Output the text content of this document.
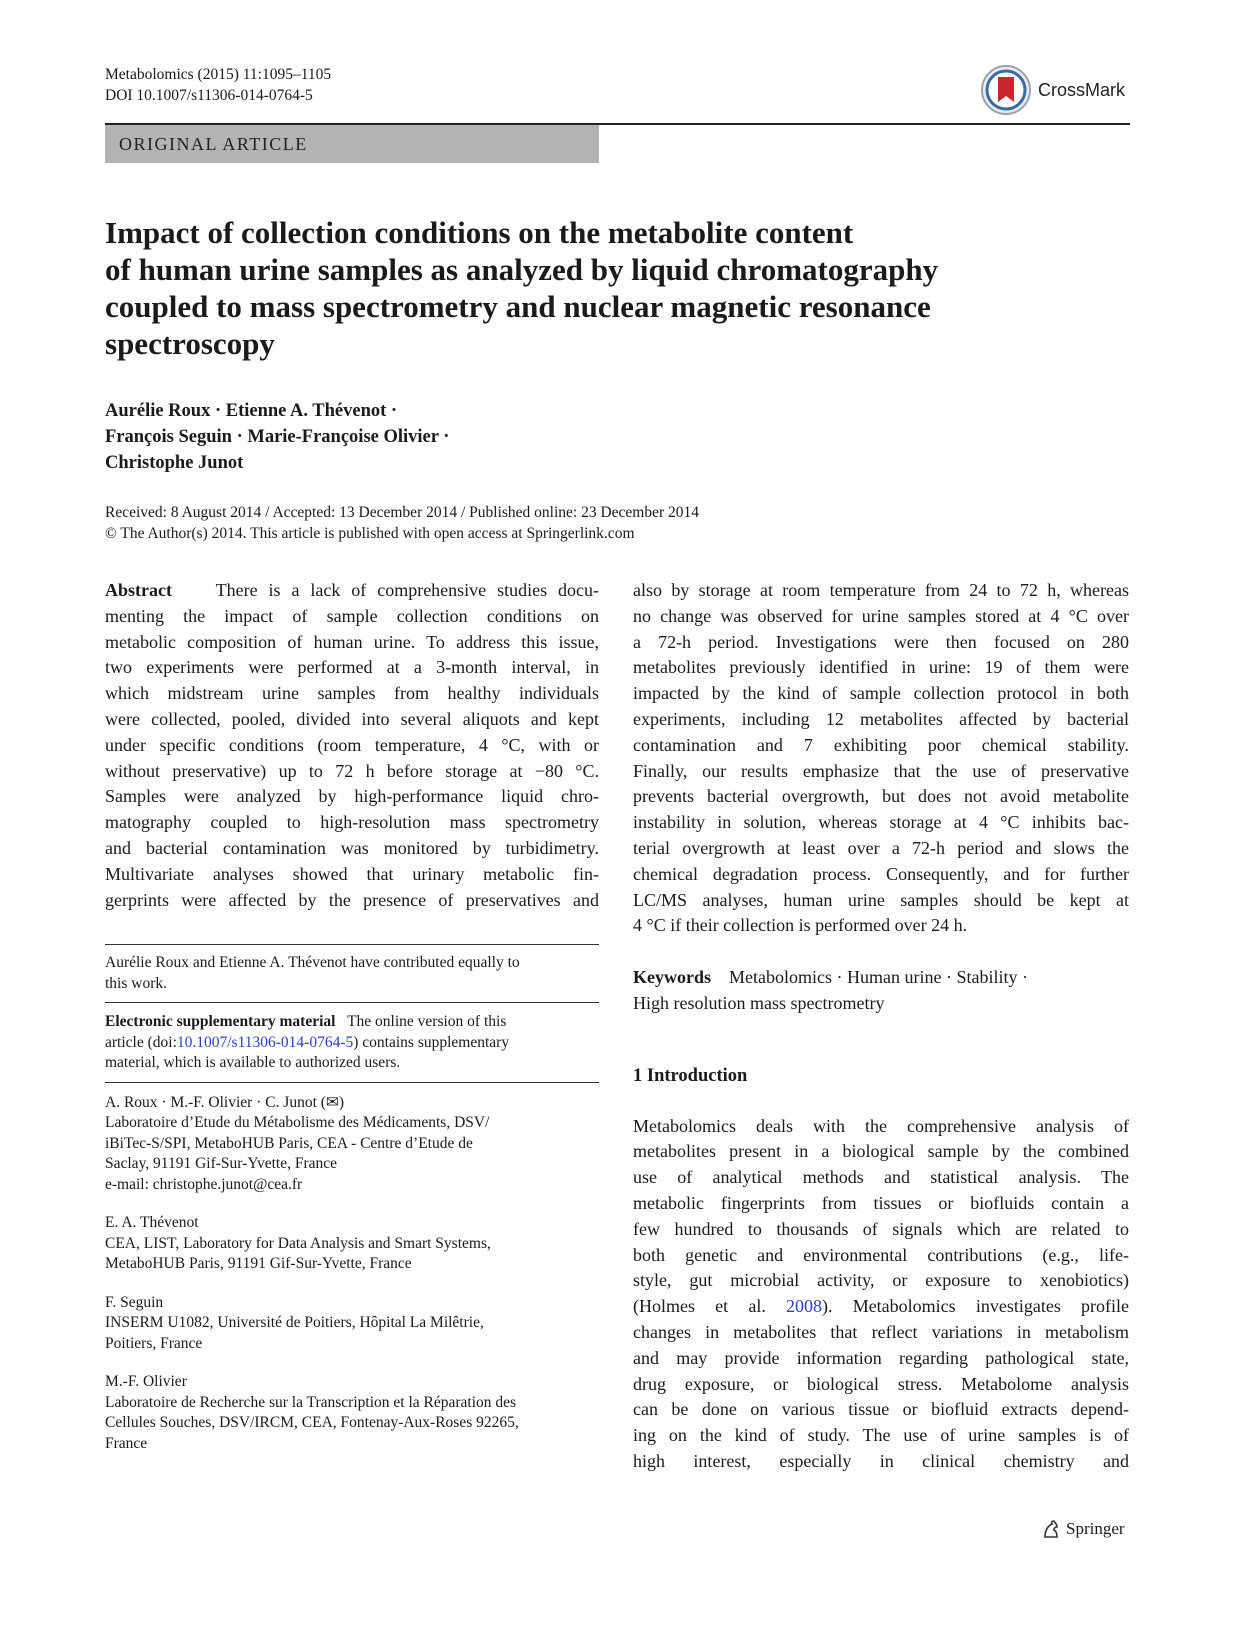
Metabolomics (2015) 11:1095–1105
DOI 10.1007/s11306-014-0764-5	CrossMark
ORIGINAL ARTICLE
Impact of collection conditions on the metabolite content
of human urine samples as analyzed by liquid chromatography
coupled to mass spectrometry and nuclear magnetic resonance
spectroscopy
Aurélie Roux · Etienne A. Thévenot ·
François Seguin · Marie-Françoise Olivier ·
Christophe Junot
Received: 8 August 2014 / Accepted: 13 December 2014 / Published online: 23 December 2014
© The Author(s) 2014. This article is published with open access at Springerlink.com
Abstract There is a lack of comprehensive studies docu-
menting the impact of sample collection conditions on
metabolic composition of human urine. To address this issue,
two experiments were performed at a 3-month interval, in
which midstream urine samples from healthy individuals
were collected, pooled, divided into several aliquots and kept
under specific conditions (room temperature, 4 °C, with or
without preservative) up to 72 h before storage at −80 °C.
Samples were analyzed by high-performance liquid chro-
matography coupled to high-resolution mass spectrometry
and bacterial contamination was monitored by turbidimetry.
Multivariate analyses showed that urinary metabolic fin-
gerprints were affected by the presence of preservatives and
Aurélie Roux and Etienne A. Thévenot have contributed equally to
this work.
Electronic supplementary material The online version of this
article (doi:10.1007/s11306-014-0764-5) contains supplementary
material, which is available to authorized users.
A. Roux · M.-F. Olivier · C. Junot (✉)
Laboratoire d’Etude du Métabolisme des Médicaments, DSV/
iBiTec-S/SPI, MetaboHUB Paris, CEA - Centre d’Etude de
Saclay, 91191 Gif-Sur-Yvette, France
e-mail: christophe.junot@cea.fr
E. A. Thévenot
CEA, LIST, Laboratory for Data Analysis and Smart Systems,
MetaboHUB Paris, 91191 Gif-Sur-Yvette, France
F. Seguin
INSERM U1082, Université de Poitiers, Hôpital La Milêtrie,
Poitiers, France
M.-F. Olivier
Laboratoire de Recherche sur la Transcription et la Réparation des
Cellules Souches, DSV/IRCM, CEA, Fontenay-Aux-Roses 92265,
France
also by storage at room temperature from 24 to 72 h, whereas
no change was observed for urine samples stored at 4 °C over
a 72-h period. Investigations were then focused on 280
metabolites previously identified in urine: 19 of them were
impacted by the kind of sample collection protocol in both
experiments, including 12 metabolites affected by bacterial
contamination and 7 exhibiting poor chemical stability.
Finally, our results emphasize that the use of preservative
prevents bacterial overgrowth, but does not avoid metabolite
instability in solution, whereas storage at 4 °C inhibits bac-
terial overgrowth at least over a 72-h period and slows the
chemical degradation process. Consequently, and for further
LC/MS analyses, human urine samples should be kept at
4 °C if their collection is performed over 24 h.
Keywords Metabolomics · Human urine · Stability ·
High resolution mass spectrometry
1 Introduction
Metabolomics deals with the comprehensive analysis of
metabolites present in a biological sample by the combined
use of analytical methods and statistical analysis. The
metabolic fingerprints from tissues or biofluids contain a
few hundred to thousands of signals which are related to
both genetic and environmental contributions (e.g., life-
style, gut microbial activity, or exposure to xenobiotics)
(Holmes et al. 2008). Metabolomics investigates profile
changes in metabolites that reflect variations in metabolism
and may provide information regarding pathological state,
drug exposure, or biological stress. Metabolome analysis
can be done on various tissue or biofluid extracts depend-
ing on the kind of study. The use of urine samples is of
high interest, especially in clinical chemistry and
Springer
